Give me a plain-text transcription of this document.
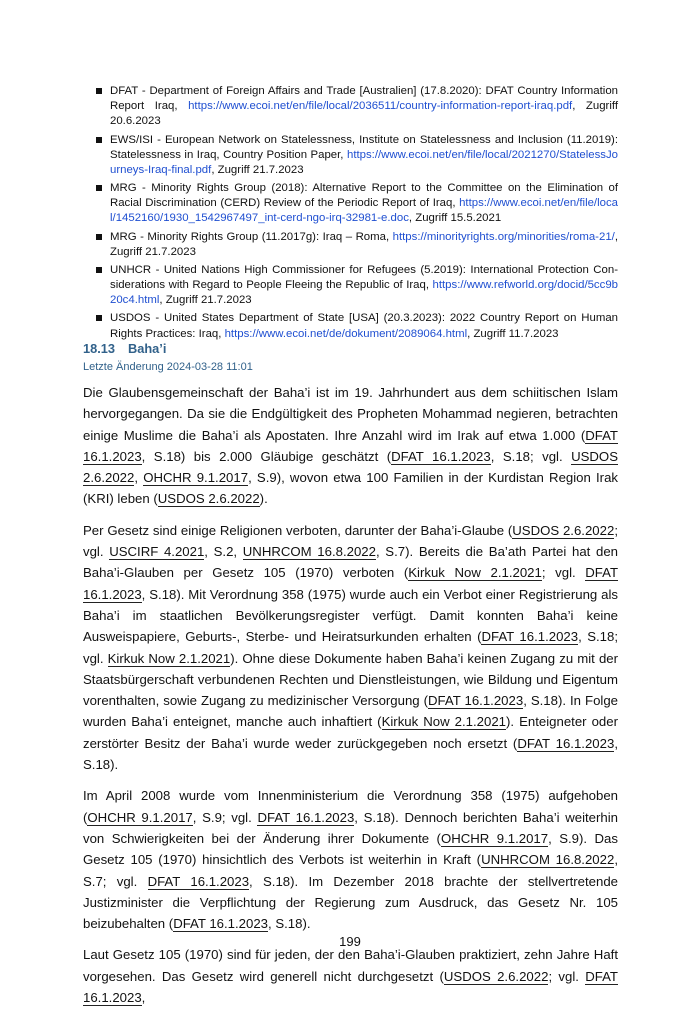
DFAT - Department of Foreign Affairs and Trade [Australien] (17.8.2020): DFAT Country Information Report Iraq, https://www.ecoi.net/en/file/local/2036511/country-information-report-iraq.pdf, Zugriff 20.6.2023
EWS/ISI - European Network on Statelessness, Institute on Statelessness and Inclusion (11.2019): Statelessness in Iraq, Country Position Paper, https://www.ecoi.net/en/file/local/2021270/StatelessJourneys-Iraq-final.pdf, Zugriff 21.7.2023
MRG - Minority Rights Group (2018): Alternative Report to the Committee on the Elimination of Racial Discrimination (CERD) Review of the Periodic Report of Iraq, https://www.ecoi.net/en/file/local/1452160/1930_1542967497_int-cerd-ngo-irq-32981-e.doc, Zugriff 15.5.2021
MRG - Minority Rights Group (11.2017g): Iraq – Roma, https://minorityrights.org/minorities/roma-21/, Zugriff 21.7.2023
UNHCR - United Nations High Commissioner for Refugees (5.2019): International Protection Considerations with Regard to People Fleeing the Republic of Iraq, https://www.refworld.org/docid/5cc9b20c4.html, Zugriff 21.7.2023
USDOS - United States Department of State [USA] (20.3.2023): 2022 Country Report on Human Rights Practices: Iraq, https://www.ecoi.net/de/dokument/2089064.html, Zugriff 11.7.2023
18.13 Baha’i
Letzte Änderung 2024-03-28 11:01

Die Glaubensgemeinschaft der Baha’i ist im 19. Jahrhundert aus dem schiitischen Islam hervorgegangen. Da sie die Endgültigkeit des Propheten Mohammad negieren, betrachten einige Muslime die Baha’i als Apostaten. Ihre Anzahl wird im Irak auf etwa 1.000 (DFAT 16.1.2023, S.18) bis 2.000 Gläubige geschätzt (DFAT 16.1.2023, S.18; vgl. USDOS 2.6.2022, OHCHR 9.1.2017, S.9), wovon etwa 100 Familien in der Kurdistan Region Irak (KRI) leben (USDOS 2.6.2022).

Per Gesetz sind einige Religionen verboten, darunter der Baha’i-Glaube (USDOS 2.6.2022; vgl. USCIRF 4.2021, S.2, UNHRCOM 16.8.2022, S.7). Bereits die Ba’ath Partei hat den Baha’i-Glauben per Gesetz 105 (1970) verboten (Kirkuk Now 2.1.2021; vgl. DFAT 16.1.2023, S.18). Mit Verordnung 358 (1975) wurde auch ein Verbot einer Registrierung als Baha’i im staatlichen Bevölkerungsregister verfügt. Damit konnten Baha’i keine Ausweispapiere, Geburts-, Sterbe- und Heiratsurkunden erhalten (DFAT 16.1.2023, S.18; vgl. Kirkuk Now 2.1.2021). Ohne diese Dokumente haben Baha’i keinen Zugang zu mit der Staatsbürgerschaft verbundenen Rechten und Dienstleistungen, wie Bildung und Eigentum vorenthalten, sowie Zugang zu medizinischer Versorgung (DFAT 16.1.2023, S.18). In Folge wurden Baha’i enteignet, manche auch inhaftiert (Kirkuk Now 2.1.2021). Enteigneter oder zerstörter Besitz der Baha’i wurde weder zurückgegeben noch ersetzt (DFAT 16.1.2023, S.18).

Im April 2008 wurde vom Innenministerium die Verordnung 358 (1975) aufgehoben (OHCHR 9.1.2017, S.9; vgl. DFAT 16.1.2023, S.18). Dennoch berichten Baha’i weiterhin von Schwierigkeiten bei der Änderung ihrer Dokumente (OHCHR 9.1.2017, S.9). Das Gesetz 105 (1970) hinsichtlich des Verbots ist weiterhin in Kraft (UNHRCOM 16.8.2022, S.7; vgl. DFAT 16.1.2023, S.18). Im Dezember 2018 brachte der stellvertretende Justizminister die Verpflichtung der Regierung zum Ausdruck, das Gesetz Nr. 105 beizubehalten (DFAT 16.1.2023, S.18).

Laut Gesetz 105 (1970) sind für jeden, der den Baha’i-Glauben praktiziert, zehn Jahre Haft vorgesehen. Das Gesetz wird generell nicht durchgesetzt (USDOS 2.6.2022; vgl. DFAT 16.1.2023,

199
